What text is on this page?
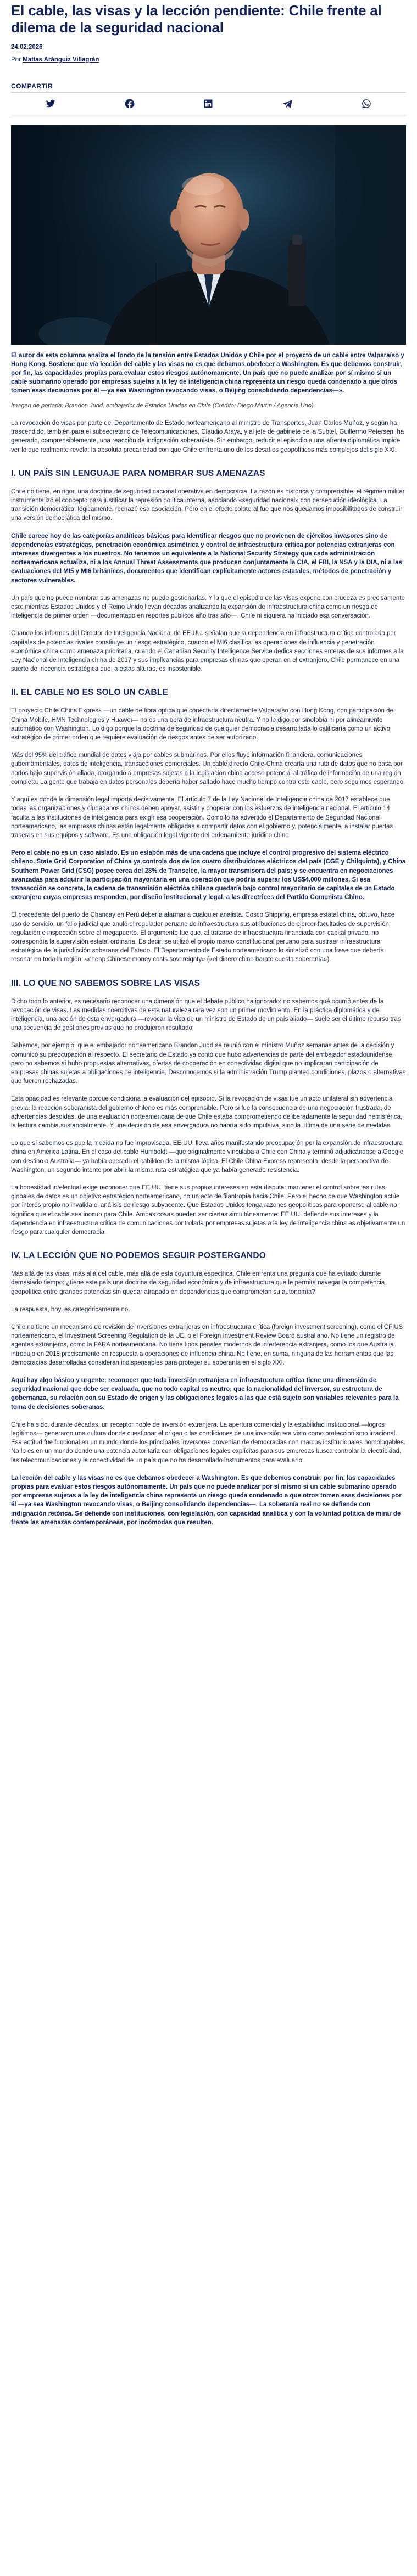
El cable, las visas y la lección pendiente: Chile frente al dilema de la seguridad nacional
24.02.2026
Por Matías Aránguiz Villagrán
COMPARTIR
El autor de esta columna analiza el fondo de la tensión entre Estados Unidos y Chile por el proyecto de un cable entre Valparaíso y Hong Kong. Sostiene que vía lección del cable y las visas no es que debamos obedecer a Washington. Es que debemos construir, por fin, las capacidades propias para evaluar estos riesgos autónomamente. Un país que no puede analizar por sí mismo si un cable submarino operado por empresas sujetas a la ley de inteligencia china representa un riesgo queda condenado a que otros tomen esas decisiones por él —ya sea Washington revocando visas, o Beijing consolidando dependencias—».
Imagen de portada: Brandon Judd, embajador de Estados Unidos en Chile (Crédito: Diego Martín / Agencia Uno).

La revocación de visas por parte del Departamento de Estado norteamericano al ministro de Transportes, Juan Carlos Muñoz, y según ha trascendido, también para el subsecretario de Telecomunicaciones, Claudio Araya, y al jefe de gabinete de la Subtel, Guillermo Petersen, ha generado, comprensiblemente, una reacción de indignación soberanista. Sin embargo, reducir el episodio a una afrenta diplomática impide ver lo que realmente revela: la absoluta precariedad con que Chile enfrenta uno de los desafíos geopolíticos más complejos del siglo XXI.

I. UN PAÍS SIN LENGUAJE PARA NOMBRAR SUS AMENAZAS

Chile no tiene, en rigor, una doctrina de seguridad nacional operativa en democracia. La razón es histórica y comprensible: el régimen militar instrumentalizó el concepto para justificar la represión política interna, asociando «seguridad nacional» con persecución ideológica. La transición democrática, lógicamente, rechazó esa asociación. Pero en el efecto colateral fue que nos quedamos imposibilitados de construir una versión democrática del mismo.

Chile carece hoy de las categorías analíticas básicas para identificar riesgos que no provienen de ejércitos invasores sino de dependencias estratégicas, penetración económica asimétrica y control de infraestructura crítica por potencias extranjeras con intereses divergentes a los nuestros. No tenemos un equivalente a la National Security Strategy que cada administración norteamericana actualiza, ni a los Annual Threat Assessments que producen conjuntamente la CIA, el FBI, la NSA y la DIA, ni a las evaluaciones del MI5 y MI6 británicos, documentos que identifican explícitamente actores estatales, métodos de penetración y sectores vulnerables.

Un país que no puede nombrar sus amenazas no puede gestionarlas. Y lo que el episodio de las visas expone con crudeza es precisamente eso: mientras Estados Unidos y el Reino Unido llevan décadas analizando la expansión de infraestructura china como un riesgo de inteligencia de primer orden —documentado en reportes públicos año tras año—, Chile ni siquiera ha iniciado esa conversación.

Cuando los informes del Director de Inteligencia Nacional de EE.UU. señalan que la dependencia en infraestructura crítica controlada por capitales de potencias rivales constituye un riesgo estratégico, cuando el MI6 clasifica las operaciones de influencia y penetración económica china como amenaza prioritaria, cuando el Canadian Security Intelligence Service dedica secciones enteras de sus informes a la Ley Nacional de Inteligencia china de 2017 y sus implicancias para empresas chinas que operan en el extranjero, Chile permanece en una suerte de inocencia estratégica que, a estas alturas, es insostenible.

II. EL CABLE NO ES SOLO UN CABLE

El proyecto Chile China Express —un cable de fibra óptica que conectaría directamente Valparaíso con Hong Kong, con participación de China Mobile, HMN Technologies y Huawei— no es una obra de infraestructura neutra. Y no lo digo por sinofobia ni por alineamiento automático con Washington. Lo digo porque la doctrina de seguridad de cualquier democracia desarrollada lo calificaría como un activo estratégico de primer orden que requiere evaluación de riesgos antes de ser autorizado.

Más del 95% del tráfico mundial de datos viaja por cables submarinos. Por ellos fluye información financiera, comunicaciones gubernamentales, datos de inteligencia, transacciones comerciales. Un cable directo Chile-China crearía una ruta de datos que no pasa por nodos bajo supervisión aliada, otorgando a empresas sujetas a la legislación china acceso potencial al tráfico de información de una región completa. La gente que trabaja en datos personales debería haber saltado hace mucho tiempo contra este cable, pero seguimos esperando.

Y aquí es donde la dimensión legal importa decisivamente. El artículo 7 de la Ley Nacional de Inteligencia china de 2017 establece que todas las organizaciones y ciudadanos chinos deben apoyar, asistir y cooperar con los esfuerzos de inteligencia nacional. El artículo 14 faculta a las instituciones de inteligencia para exigir esa cooperación. Como lo ha advertido el Departamento de Seguridad Nacional norteamericano, las empresas chinas están legalmente obligadas a compartir datos con el gobierno y, potencialmente, a instalar puertas traseras en sus equipos y software. Es una obligación legal vigente del ordenamiento jurídico chino.

Pero el cable no es un caso aislado. Es un eslabón más de una cadena que incluye el control progresivo del sistema eléctrico chileno. State Grid Corporation of China ya controla dos de los cuatro distribuidores eléctricos del país (CGE y Chilquinta), y China Southern Power Grid (CSG) posee cerca del 28% de Transelec, la mayor transmisora del país; y se encuentra en negociaciones avanzadas para adquirir la participación mayoritaria en una operación que podría superar los US$4.000 millones. Si esa transacción se concreta, la cadena de transmisión eléctrica chilena quedaría bajo control mayoritario de capitales de un Estado extranjero cuyas empresas responden, por diseño institucional y legal, a las directrices del Partido Comunista Chino.

El precedente del puerto de Chancay en Perú debería alarmar a cualquier analista. Cosco Shipping, empresa estatal china, obtuvo, hace uso de servicio, un fallo judicial que anuló el regulador peruano de infraestructura sus atribuciones de ejercer facultades de supervisión, regulación e inspección sobre el megapuerto. El argumento fue que, al tratarse de infraestructura financiada con capital privado, no correspondía la supervisión estatal ordinaria. Es decir, se utilizó el propio marco constitucional peruano para sustraer infraestructura estratégica de la jurisdicción soberana del Estado. El Departamento de Estado norteamericano lo sintetizó con una frase que debería resonar en toda la región: «cheap Chinese money costs sovereignty» («el dinero chino barato cuesta soberanía»).

III. LO QUE NO SABEMOS SOBRE LAS VISAS

Dicho todo lo anterior, es necesario reconocer una dimensión que el debate público ha ignorado: no sabemos qué ocurrió antes de la revocación de visas. Las medidas coercitivas de esta naturaleza rara vez son un primer movimiento. En la práctica diplomática y de inteligencia, una acción de esta envergadura —revocar la visa de un ministro de Estado de un país aliado— suele ser el último recurso tras una secuencia de gestiones previas que no produjeron resultado.

Sabemos, por ejemplo, que el embajador norteamericano Brandon Judd se reunió con el ministro Muñoz semanas antes de la decisión y comunicó su preocupación al respecto. El secretario de Estado ya contó que hubo advertencias de parte del embajador estadounidense, pero no sabemos si hubo propuestas alternativas, ofertas de cooperación en conectividad digital que no implicaran participación de empresas chinas sujetas a obligaciones de inteligencia. Desconocemos si la administración Trump planteó condiciones, plazos o alternativas que fueron rechazadas.

Esta opacidad es relevante porque condiciona la evaluación del episodio. Si la revocación de visas fue un acto unilateral sin advertencia previa, la reacción soberanista del gobierno chileno es más comprensible. Pero si fue la consecuencia de una negociación frustrada, de advertencias desoídas, de una evaluación norteamericana de que Chile estaba comprometiendo deliberadamente la seguridad hemisférica, la lectura cambia sustancialmente. Y una decisión de esa envergadura no habría sido impulsiva, sino la última de una serie de medidas.

Lo que sí sabemos es que la medida no fue improvisada. EE.UU. lleva años manifestando preocupación por la expansión de infraestructura china en América Latina. En el caso del cable Humboldt —que originalmente vinculaba a Chile con China y terminó adjudicándose a Google con destino a Australia— ya había operado el cabildeo de la misma lógica. El Chile China Express representa, desde la perspectiva de Washington, un segundo intento por abrir la misma ruta estratégica que ya había generado resistencia.

La honestidad intelectual exige reconocer que EE.UU. tiene sus propios intereses en esta disputa: mantener el control sobre las rutas globales de datos es un objetivo estratégico norteamericano, no un acto de filantropía hacia Chile. Pero el hecho de que Washington actúe por interés propio no invalida el análisis de riesgo subyacente. Que Estados Unidos tenga razones geopolíticas para oponerse al cable no significa que el cable sea inocuo para Chile. Ambas cosas pueden ser ciertas simultáneamente: EE.UU. defiende sus intereses y la dependencia en infraestructura crítica de comunicaciones controlada por empresas sujetas a la ley de inteligencia china es objetivamente un riesgo para cualquier democracia.

IV. LA LECCIÓN QUE NO PODEMOS SEGUIR POSTERGANDO

Más allá de las visas, más allá del cable, más allá de esta coyuntura específica, Chile enfrenta una pregunta que ha evitado durante demasiado tiempo: ¿tiene este país una doctrina de seguridad económica y de infraestructura que le permita navegar la competencia geopolítica entre grandes potencias sin quedar atrapado en dependencias que comprometan su autonomía?

La respuesta, hoy, es categóricamente no.

Chile no tiene un mecanismo de revisión de inversiones extranjeras en infraestructura crítica (foreign investment screening), como el CFIUS norteamericano, el Investment Screening Regulation de la UE, o el Foreign Investment Review Board australiano. No tiene un registro de agentes extranjeros, como la FARA norteamericana. No tiene tipos penales modernos de interferencia extranjera, como los que Australia introdujo en 2018 precisamente en respuesta a operaciones de influencia china. No tiene, en suma, ninguna de las herramientas que las democracias desarrolladas consideran indispensables para proteger su soberanía en el siglo XXI.

Aquí hay algo básico y urgente: reconocer que toda inversión extranjera en infraestructura crítica tiene una dimensión de seguridad nacional que debe ser evaluada, que no todo capital es neutro; que la nacionalidad del inversor, su estructura de gobernanza, su relación con su Estado de origen y las obligaciones legales a las que está sujeto son variables relevantes para la toma de decisiones soberanas.

Chile ha sido, durante décadas, un receptor noble de inversión extranjera. La apertura comercial y la estabilidad institucional —logros legítimos— generaron una cultura donde cuestionar el origen o las condiciones de una inversión era visto como proteccionismo irracional. Esa actitud fue funcional en un mundo donde los principales inversores provenían de democracias con marcos institucionales homologables. No lo es en un mundo donde una potencia autoritaria con obligaciones legales explícitas para sus empresas busca controlar la electricidad, las telecomunicaciones y la conectividad de un país que no ha desarrollado instrumentos para evaluarlo.

La lección del cable y las visas no es que debamos obedecer a Washington. Es que debemos construir, por fin, las capacidades propias para evaluar estos riesgos autónomamente. Un país que no puede analizar por sí mismo si un cable submarino operado por empresas sujetas a la ley de inteligencia china representa un riesgo queda condenado a que otros tomen esas decisiones por él —ya sea Washington revocando visas, o Beijing consolidando dependencias—. La soberanía real no se defiende con indignación retórica. Se defiende con instituciones, con legislación, con capacidad analítica y con la voluntad política de mirar de frente las amenazas contemporáneas, por incómodas que resulten.
